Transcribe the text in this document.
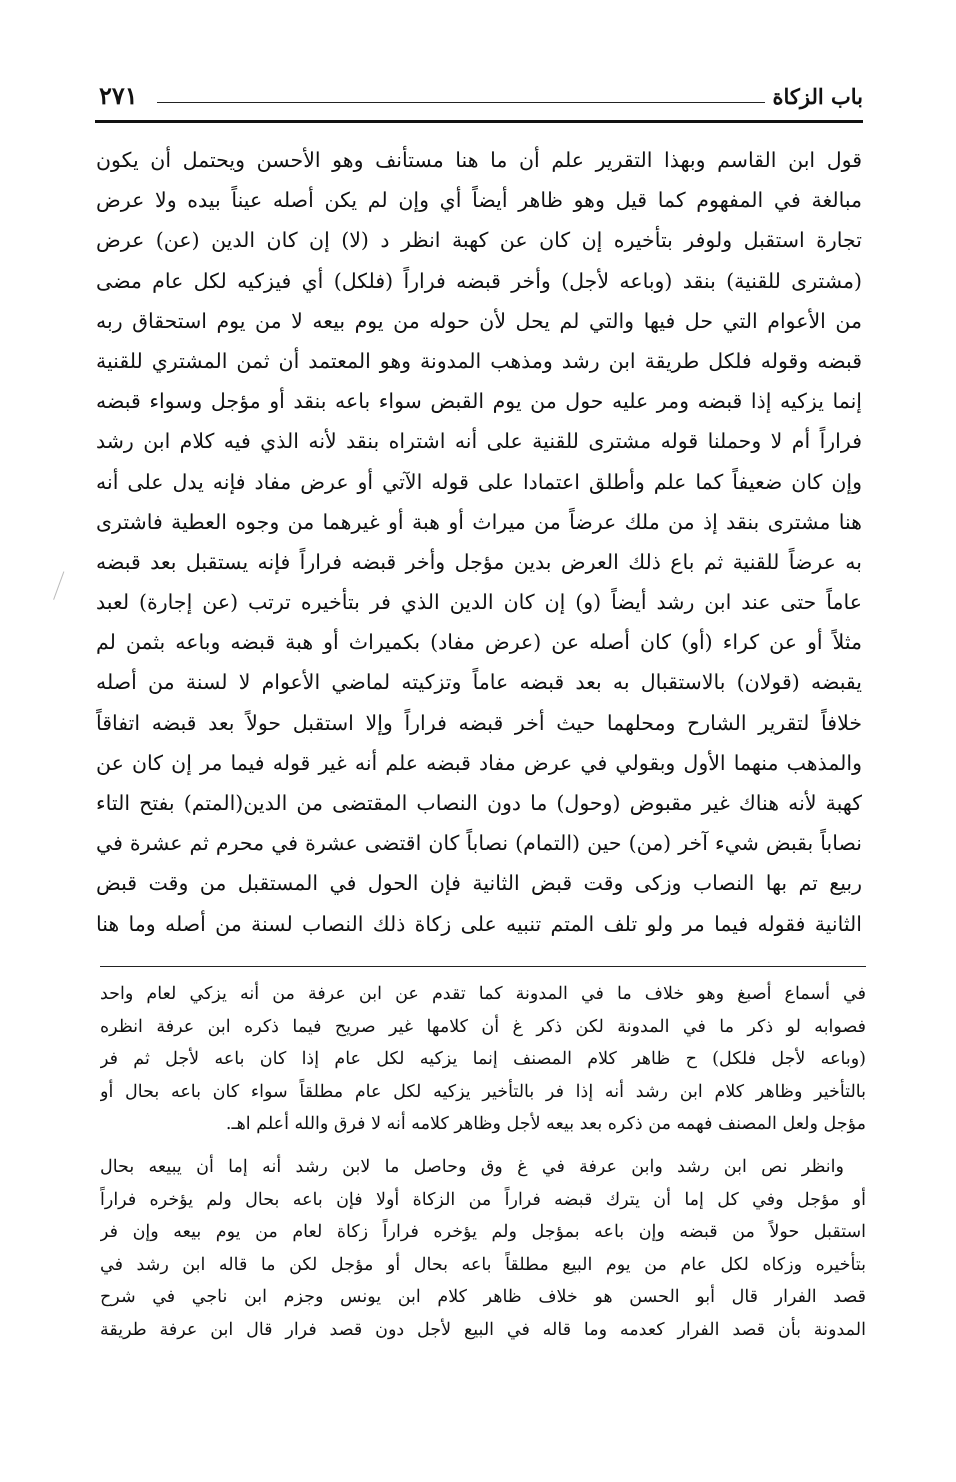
باب الزكاة
٢٧١
قول ابن القاسم وبهذا التقرير علم أن ما هنا مستأنف وهو الأحسن ويحتمل أن يكون
مبالغة في المفهوم كما قيل وهو ظاهر أيضاً أي وإن لم يكن أصله عيناً بيده ولا عرض
تجارة استقبل ولوفر بتأخيره إن كان عن كهبة انظر د (لا) إن كان الدين (عن) عرض
(مشترى للقنية) بنقد (وباعه لأجل) وأخر قبضه فراراً (فلكل) أي فيزكيه لكل عام مضى
من الأعوام التي حل فيها والتي لم يحل لأن حوله من يوم بيعه لا من يوم استحقاق ربه
قبضه وقوله فلكل طريقة ابن رشد ومذهب المدونة وهو المعتمد أن ثمن المشتري للقنية
إنما يزكيه إذا قبضه ومر عليه حول من يوم القبض سواء باعه بنقد أو مؤجل وسواء قبضه
فراراً أم لا وحملنا قوله مشترى للقنية على أنه اشتراه بنقد لأنه الذي فيه كلام ابن رشد
وإن كان ضعيفاً كما علم وأطلق اعتمادا على قوله الآتي أو عرض مفاد فإنه يدل على أنه
هنا مشترى بنقد إذ من ملك عرضاً من ميراث أو هبة أو غيرهما من وجوه العطية فاشترى
به عرضاً للقنية ثم باع ذلك العرض بدين مؤجل وأخر قبضه فراراً فإنه يستقبل بعد قبضه
عاماً حتى عند ابن رشد أيضاً (و) إن كان الدين الذي فر بتأخيره ترتب (عن إجارة) لعبد
مثلاً أو عن كراء (أو) كان أصله عن (عرض مفاد) بكميراث أو هبة قبضه وباعه بثمن لم
يقبضه (قولان) بالاستقبال به بعد قبضه عاماً وتزكيته لماضي الأعوام لا لسنة من أصله
خلافاً لتقرير الشارح ومحلهما حيث أخر قبضه فراراً وإلا استقبل حولاً بعد قبضه اتفاقاً
والمذهب منهما الأول وبقولي في عرض مفاد قبضه علم أنه غير قوله فيما مر إن كان عن
كهبة لأنه هناك غير مقبوض (وحول) ما دون النصاب المقتضى من الدين(المتم) بفتح التاء
نصاباً بقبض شيء آخر (من) حين (التمام) نصاباً كان اقتضى عشرة في محرم ثم عشرة في
ربيع تم بها النصاب وزكى وقت قبض الثانية فإن الحول في المستقبل من وقت قبض
الثانية فقوله فيما مر ولو تلف المتم تنبيه على زكاة ذلك النصاب لسنة من أصله وما هنا
في أسماع أصبغ وهو خلاف ما في المدونة كما تقدم عن ابن عرفة من أنه يزكي لعام واحد
فصوابه لو ذكر ما في المدونة لكن ذكر غ أن كلامها غير صريح فيما ذكره ابن عرفة انظره
(وباعه لأجل فلكل) ح ظاهر كلام المصنف إنما يزكيه لكل عام إذا كان باعه لأجل ثم فر
بالتأخير وظاهر كلام ابن رشد أنه إذا فر بالتأخير يزكيه لكل عام مطلقاً سواء كان باعه بحال أو
مؤجل ولعل المصنف فهمه من ذكره بعد بيعه لأجل وظاهر كلامه أنه لا فرق والله أعلم اهـ.
وانظر نص ابن رشد وابن عرفة في غ وق وحاصل ما لابن رشد أنه إما أن يبيعه بحال
أو مؤجل وفي كل إما أن يترك قبضه فراراً من الزكاة أولا فإن باعه بحال ولم يؤخره فراراً
استقبل حولاً من قبضه وإن باعه بمؤجل ولم يؤخره فراراً زكاة لعام من يوم بيعه وإن فر
بتأخيره وزكاه لكل عام من يوم البيع مطلقاً باعه بحال أو مؤجل لكن ما قاله ابن رشد في
قصد الفرار قال أبو الحسن هو خلاف ظاهر كلام ابن يونس وجزم ابن ناجي في شرح
المدونة بأن قصد الفرار كعدمه وما قاله في البيع لأجل دون قصد فرار قال ابن عرفة طريقة
